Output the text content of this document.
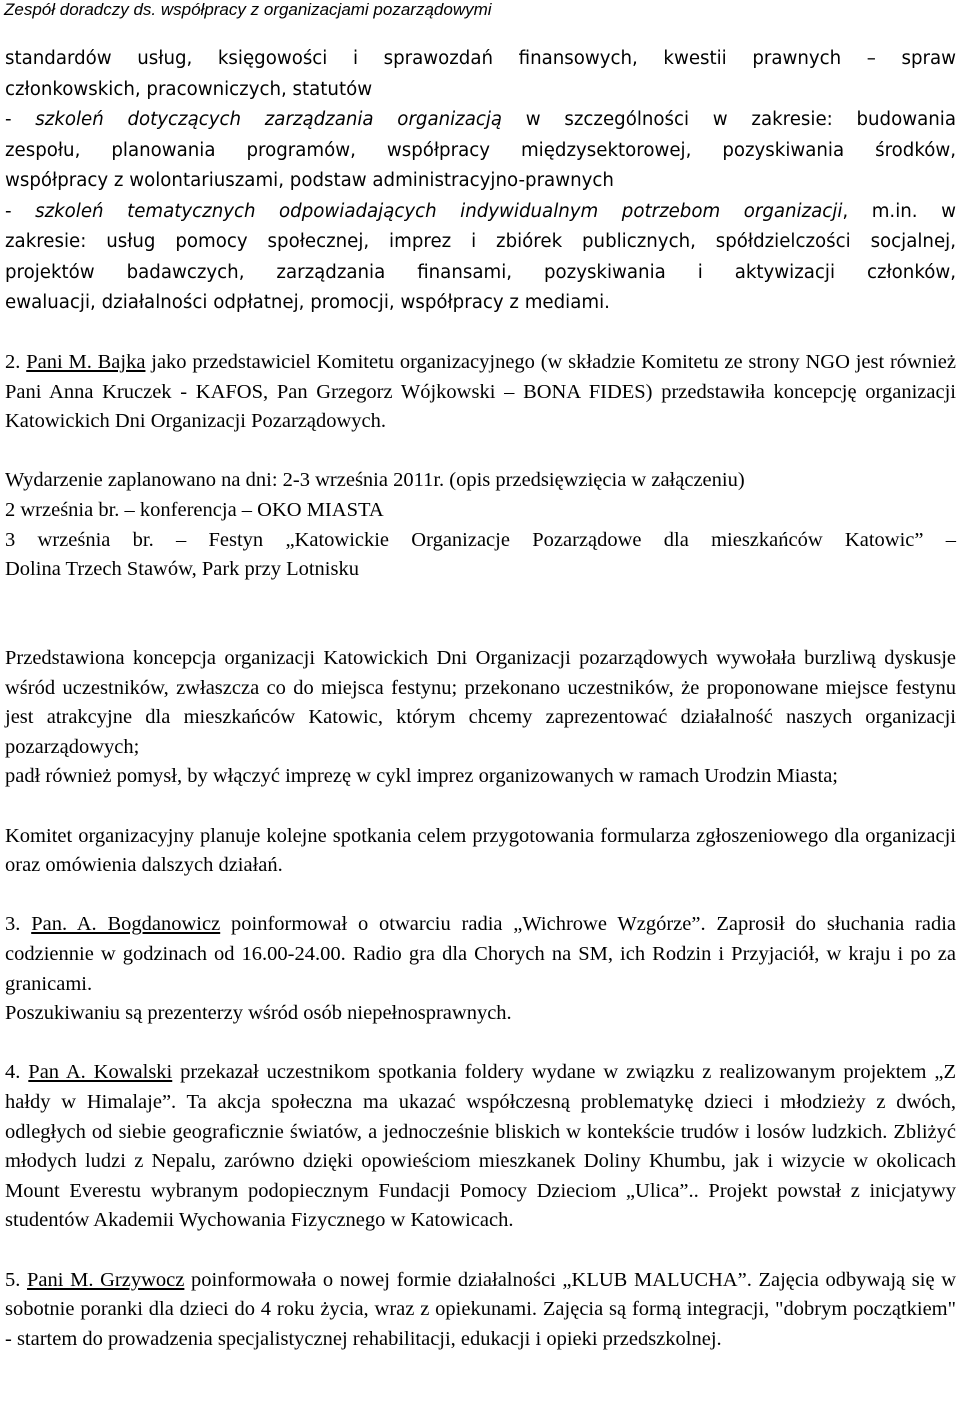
Zespół doradczy ds. współpracy z organizacjami pozarządowymi

standardów usług, księgowości i sprawozdań finansowych, kwestii prawnych – spraw

członkowskich, pracowniczych, statutów

- szkoleń dotyczących zarządzania organizacją w szczególności w zakresie: budowania

zespołu, planowania programów, współpracy międzysektorowej, pozyskiwania środków,

współpracy z wolontariuszami, podstaw administracyjno-prawnych

- szkoleń tematycznych odpowiadających indywidualnym potrzebom organizacji, m.in. w

zakresie: usług pomocy społecznej, imprez i zbiórek publicznych, spółdzielczości socjalnej,

projektów badawczych, zarządzania finansami, pozyskiwania i aktywizacji członków,

ewaluacji, działalności odpłatnej, promocji, współpracy z mediami.

2. Pani M. Bajka jako przedstawiciel Komitetu organizacyjnego (w składzie Komitetu ze strony NGO jest również Pani Anna Kruczek - KAFOS, Pan Grzegorz Wójkowski – BONA FIDES) przedstawiła koncepcję organizacji Katowickich Dni Organizacji Pozarządowych.

Wydarzenie zaplanowano na dni: 2-3 września 2011r. (opis przedsięwzięcia w załączeniu)

2 września br. – konferencja – OKO MIASTA

3 września br. – Festyn „Katowickie Organizacje Pozarządowe dla mieszkańców Katowic” –

Dolina Trzech Stawów, Park przy Lotnisku

Przedstawiona koncepcja organizacji Katowickich Dni Organizacji pozarządowych wywołała burzliwą dyskusje wśród uczestników, zwłaszcza co do miejsca festynu; przekonano uczestników, że proponowane miejsce festynu jest atrakcyjne dla mieszkańców Katowic, którym chcemy zaprezentować działalność naszych organizacji pozarządowych;

padł również pomysł, by włączyć imprezę w cykl imprez organizowanych w ramach Urodzin Miasta;

Komitet organizacyjny planuje kolejne spotkania celem przygotowania formularza zgłoszeniowego dla organizacji oraz omówienia dalszych działań.

3. Pan. A. Bogdanowicz poinformował o otwarciu radia „Wichrowe Wzgórze”. Zaprosił do słuchania radia codziennie w godzinach od 16.00-24.00. Radio gra dla Chorych na SM, ich Rodzin i Przyjaciół, w kraju i po za granicami.

Poszukiwaniu są prezenterzy wśród osób niepełnosprawnych.

4. Pan A. Kowalski przekazał uczestnikom spotkania foldery wydane w związku z realizowanym projektem „Z hałdy w Himalaje”. Ta akcja społeczna ma ukazać współczesną problematykę dzieci i młodzieży z dwóch, odległych od siebie geograficznie światów, a jednocześnie bliskich w kontekście trudów i losów ludzkich. Zbliżyć młodych ludzi z Nepalu, zarówno dzięki opowieściom mieszkanek Doliny Khumbu, jak i wizycie w okolicach Mount Everestu wybranym podopiecznym Fundacji Pomocy Dzieciom „Ulica”.. Projekt powstał z inicjatywy studentów Akademii Wychowania Fizycznego w Katowicach.

5. Pani M. Grzywocz poinformowała o nowej formie działalności „KLUB MALUCHA”. Zajęcia odbywają się w sobotnie poranki dla dzieci do 4 roku życia, wraz z opiekunami. Zajęcia są formą integracji, "dobrym początkiem" - startem do prowadzenia specjalistycznej rehabilitacji, edukacji i opieki przedszkolnej.
